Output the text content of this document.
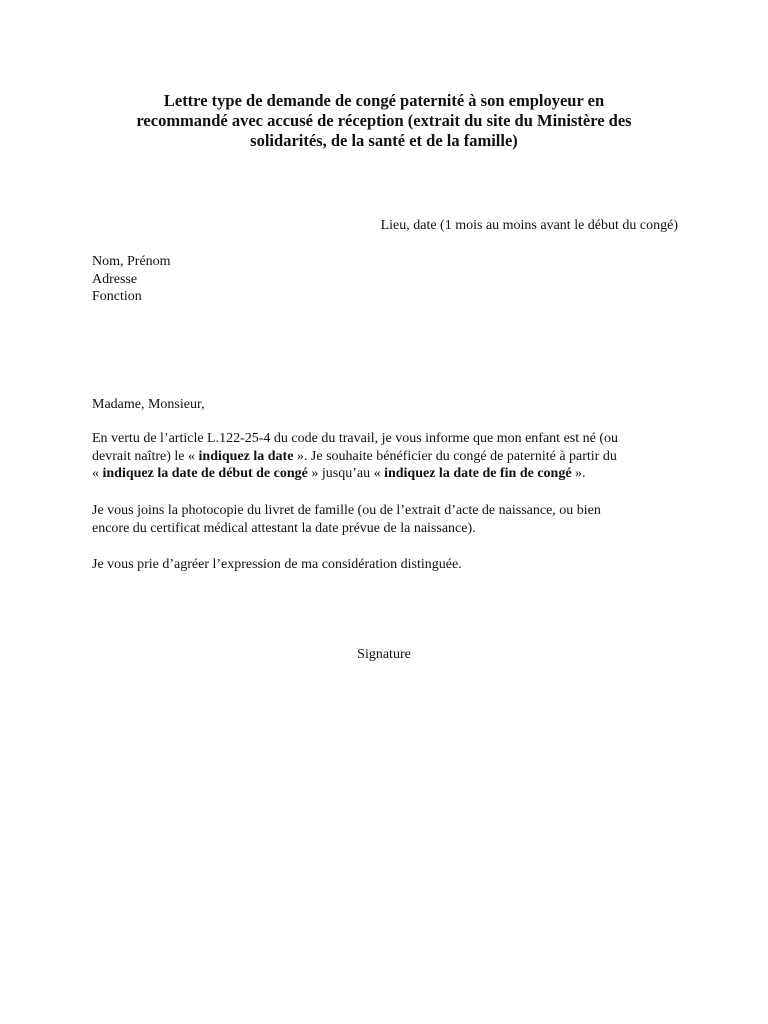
Lettre type de demande de congé paternité à son employeur en
recommandé avec accusé de réception (extrait du site du Ministère des
solidarités, de la santé et de la famille)
Lieu, date (1 mois au moins avant le début du congé)
Nom, Prénom
Adresse
Fonction

Madame, Monsieur,

En vertu de l’article L.122-25-4 du code du travail, je vous informe que mon enfant est né (ou
devrait naître) le « indiquez la date ». Je souhaite bénéficier du congé de paternité à partir du
« indiquez la date de début de congé » jusqu’au « indiquez la date de fin de congé ».

Je vous joins la photocopie du livret de famille (ou de l’extrait d’acte de naissance, ou bien
encore du certificat médical attestant la date prévue de la naissance).

Je vous prie d’agréer l’expression de ma considération distinguée.

Signature
